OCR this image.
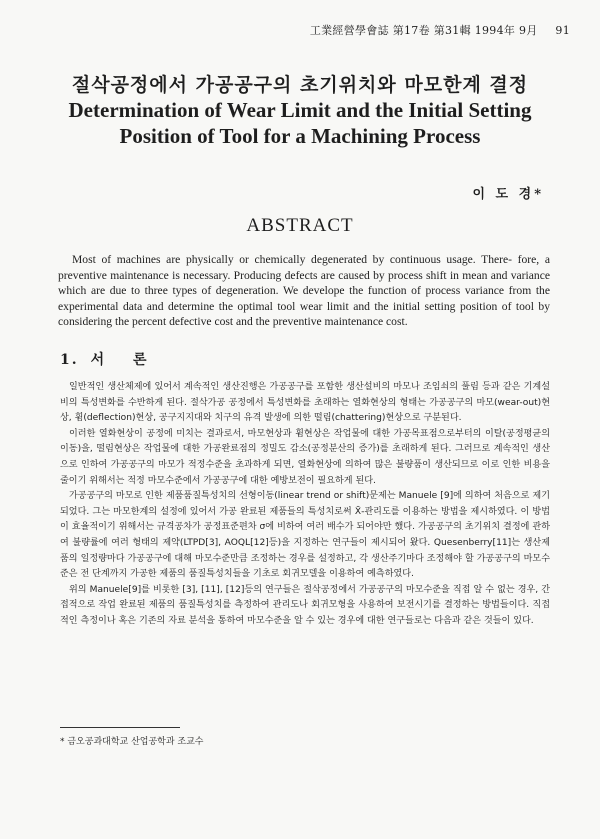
工業經營學會誌 第17卷 第31輯 1994年 9月 91
절삭공정에서 가공공구의 초기위치와 마모한계 결정
Determination of Wear Limit and the Initial Setting
Position of Tool for a Machining Process
이 도 경*
ABSTRACT

Most of machines are physically or chemically degenerated by continuous usage. There- fore, a preventive maintenance is necessary. Producing defects are caused by process shift in mean and variance which are due to three types of degeneration. We develope the function of process variance from the experimental data and determine the optimal tool wear limit and the initial setting position of tool by considering the percent defective cost and the preventive maintenance cost.

1. 서 론

일반적인 생산체제에 있어서 계속적인 생산진행은 가공공구를 포함한 생산설비의 마모나 조임쇠의 풀림 등과 같은 기계설비의 특성변화를 수반하게 된다. 절삭가공 공정에서 특성변화를 초래하는 열화현상의 형태는 가공공구의 마모(wear-out)현상, 휨(deflection)현상, 공구지지대와 치구의 유격 발생에 의한 떨림(chattering)현상으로 구분된다.

이러한 열화현상이 공정에 미치는 결과로서, 마모현상과 휨현상은 작업물에 대한 가공목표점으로부터의 이탈(공정평균의 이동)을, 떨림현상은 작업물에 대한 가공완료점의 정밀도 감소(공정분산의 증가)를 초래하게 된다. 그러므로 계속적인 생산으로 인하여 가공공구의 마모가 적정수준을 초과하게 되면, 열화현상에 의하여 많은 불량품이 생산되므로 이로 인한 비용을 줄이기 위해서는 적정 마모수준에서 가공공구에 대한 예방보전이 필요하게 된다.

가공공구의 마모로 인한 제품품질특성치의 선형이동(linear trend or shift)문제는 Manuele [9]에 의하여 처음으로 제기되었다. 그는 마모한계의 설정에 있어서 가공 완료된 제품들의 특성치로써 X̄-관리도를 이용하는 방법을 제시하였다. 이 방법이 효율적이기 위해서는 규격공차가 공정표준편차 σ에 비하여 여러 배수가 되어야만 했다. 가공공구의 초기위치 결정에 관하여 불량률에 여러 형태의 제약(LTPD[3], AOQL[12]등)을 지정하는 연구들이 제시되어 왔다. Quesenberry[11]는 생산제품의 일정량마다 가공공구에 대해 마모수준만큼 조정하는 경우를 설정하고, 각 생산주기마다 조정해야 할 가공공구의 마모수준은 전 단계까지 가공한 제품의 품질특성치들을 기초로 회귀모델을 이용하여 예측하였다.

위의 Manuele[9]를 비롯한 [3], [11], [12]등의 연구들은 절삭공정에서 가공공구의 마모수준을 직접 알 수 없는 경우, 간접적으로 작업 완료된 제품의 품질특성치를 측정하여 관리도나 회귀모형을 사용하여 보전시기를 결정하는 방법들이다. 직접적인 측정이나 혹은 기존의 자료 분석을 통하여 마모수준을 알 수 있는 경우에 대한 연구들로는 다음과 같은 것들이 있다.

* 금오공과대학교 산업공학과 조교수
